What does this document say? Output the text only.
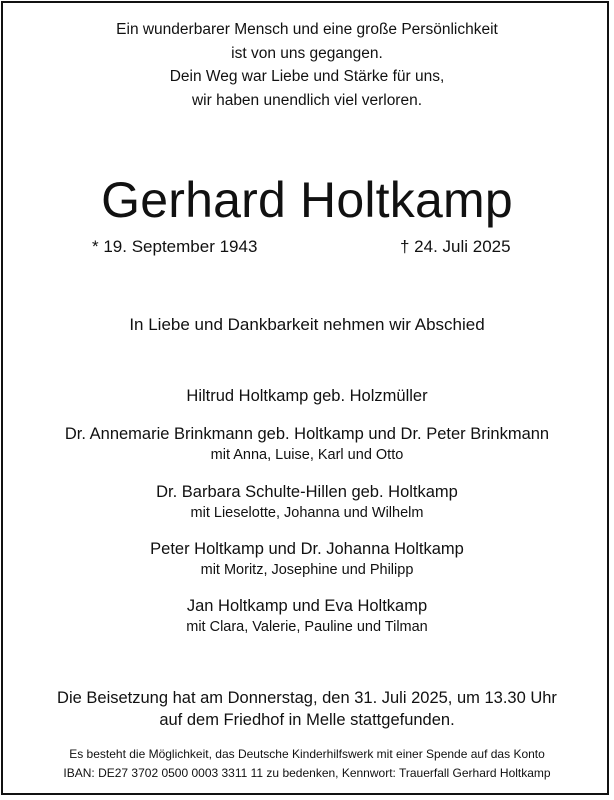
Ein wunderbarer Mensch und eine große Persönlichkeit
ist von uns gegangen.
Dein Weg war Liebe und Stärke für uns,
wir haben unendlich viel verloren.
Gerhard Holtkamp
* 19. September 1943	† 24. Juli 2025
In Liebe und Dankbarkeit nehmen wir Abschied
Hiltrud Holtkamp geb. Holzmüller
Dr. Annemarie Brinkmann geb. Holtkamp und Dr. Peter Brinkmann
mit Anna, Luise, Karl und Otto
Dr. Barbara Schulte-Hillen geb. Holtkamp
mit Lieselotte, Johanna und Wilhelm
Peter Holtkamp und Dr. Johanna Holtkamp
mit Moritz, Josephine und Philipp
Jan Holtkamp und Eva Holtkamp
mit Clara, Valerie, Pauline und Tilman
Die Beisetzung hat am Donnerstag, den 31. Juli 2025, um 13.30 Uhr
auf dem Friedhof in Melle stattgefunden.
Es besteht die Möglichkeit, das Deutsche Kinderhilfswerk mit einer Spende auf das Konto
IBAN: DE27 3702 0500 0003 3311 11 zu bedenken, Kennwort: Trauerfall Gerhard Holtkamp
